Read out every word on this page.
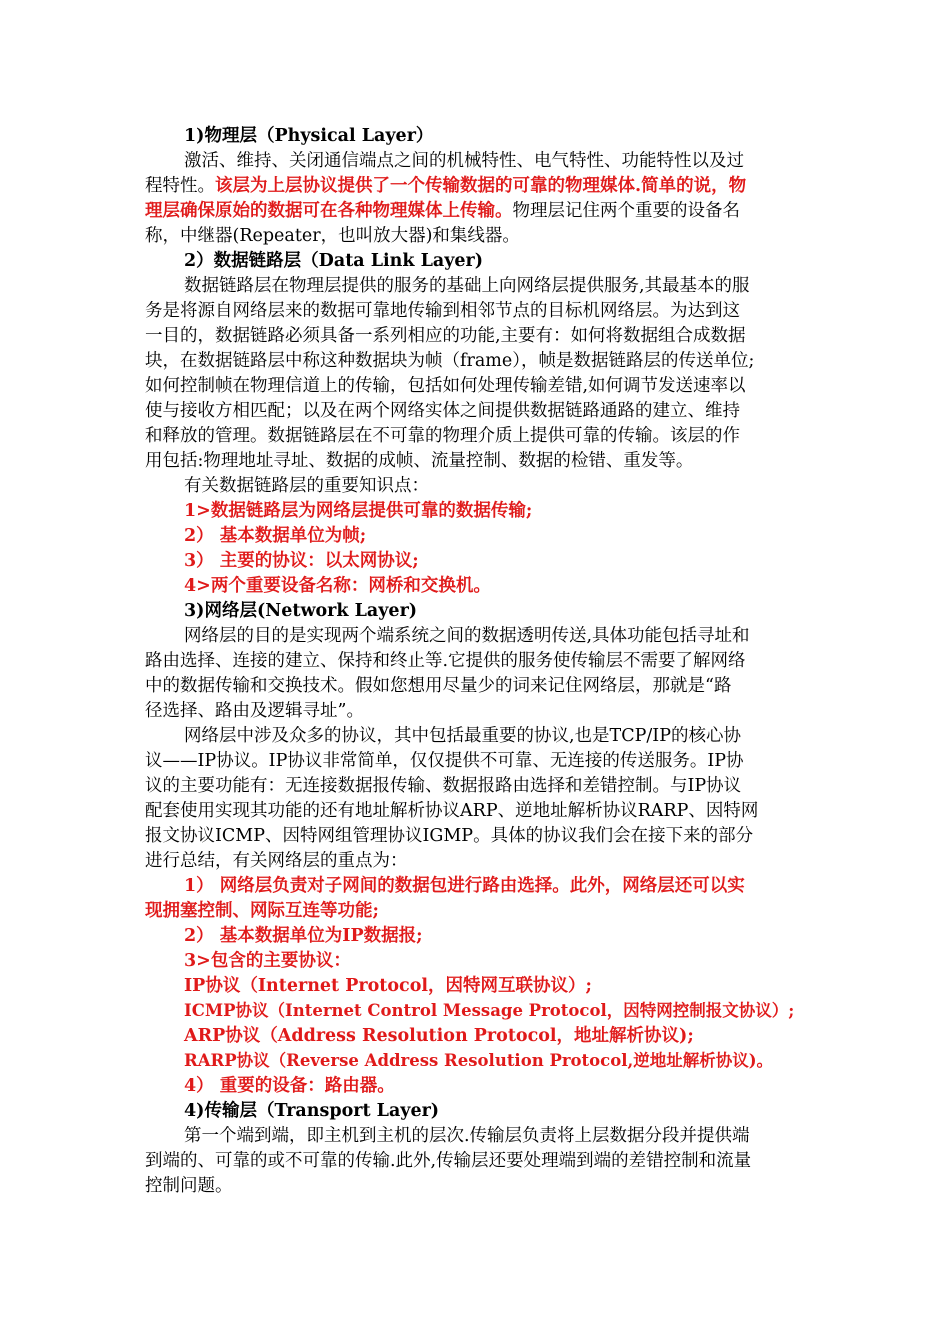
1)物理层（Physical Layer）
激活、维持、关闭通信端点之间的机械特性、电气特性、功能特性以及过
程特性。该层为上层协议提供了一个传输数据的可靠的物理媒体.简单的说，物
理层确保原始的数据可在各种物理媒体上传输。物理层记住两个重要的设备名
称，中继器(Repeater，也叫放大器)和集线器。
2）数据链路层（Data Link Layer)
数据链路层在物理层提供的服务的基础上向网络层提供服务,其最基本的服
务是将源自网络层来的数据可靠地传输到相邻节点的目标机网络层。为达到这
一目的，数据链路必须具备一系列相应的功能,主要有：如何将数据组合成数据
块，在数据链路层中称这种数据块为帧（frame），帧是数据链路层的传送单位;
如何控制帧在物理信道上的传输，包括如何处理传输差错,如何调节发送速率以
使与接收方相匹配；以及在两个网络实体之间提供数据链路通路的建立、维持
和释放的管理。数据链路层在不可靠的物理介质上提供可靠的传输。该层的作
用包括:物理地址寻址、数据的成帧、流量控制、数据的检错、重发等。
有关数据链路层的重要知识点：
1>数据链路层为网络层提供可靠的数据传输;
2） 基本数据单位为帧;
3） 主要的协议：以太网协议;
4>两个重要设备名称：网桥和交换机。
3)网络层(Network Layer)
网络层的目的是实现两个端系统之间的数据透明传送,具体功能包括寻址和
路由选择、连接的建立、保持和终止等.它提供的服务使传输层不需要了解网络
中的数据传输和交换技术。假如您想用尽量少的词来记住网络层，那就是“路
径选择、路由及逻辑寻址”。
网络层中涉及众多的协议，其中包括最重要的协议,也是TCP/IP的核心协
议——IP协议。IP协议非常简单，仅仅提供不可靠、无连接的传送服务。IP协
议的主要功能有：无连接数据报传输、数据报路由选择和差错控制。与IP协议
配套使用实现其功能的还有地址解析协议ARP、逆地址解析协议RARP、因特网
报文协议ICMP、因特网组管理协议IGMP。具体的协议我们会在接下来的部分
进行总结，有关网络层的重点为：
1） 网络层负责对子网间的数据包进行路由选择。此外，网络层还可以实
现拥塞控制、网际互连等功能;
2） 基本数据单位为IP数据报;
3>包含的主要协议：
IP协议（Internet Protocol，因特网互联协议）;
ICMP协议（Internet Control Message Protocol，因特网控制报文协议）;
ARP协议（Address Resolution Protocol，地址解析协议);
RARP协议（Reverse Address Resolution Protocol,逆地址解析协议)。
4） 重要的设备：路由器。
4)传输层（Transport Layer)
第一个端到端，即主机到主机的层次.传输层负责将上层数据分段并提供端
到端的、可靠的或不可靠的传输.此外,传输层还要处理端到端的差错控制和流量
控制问题。
